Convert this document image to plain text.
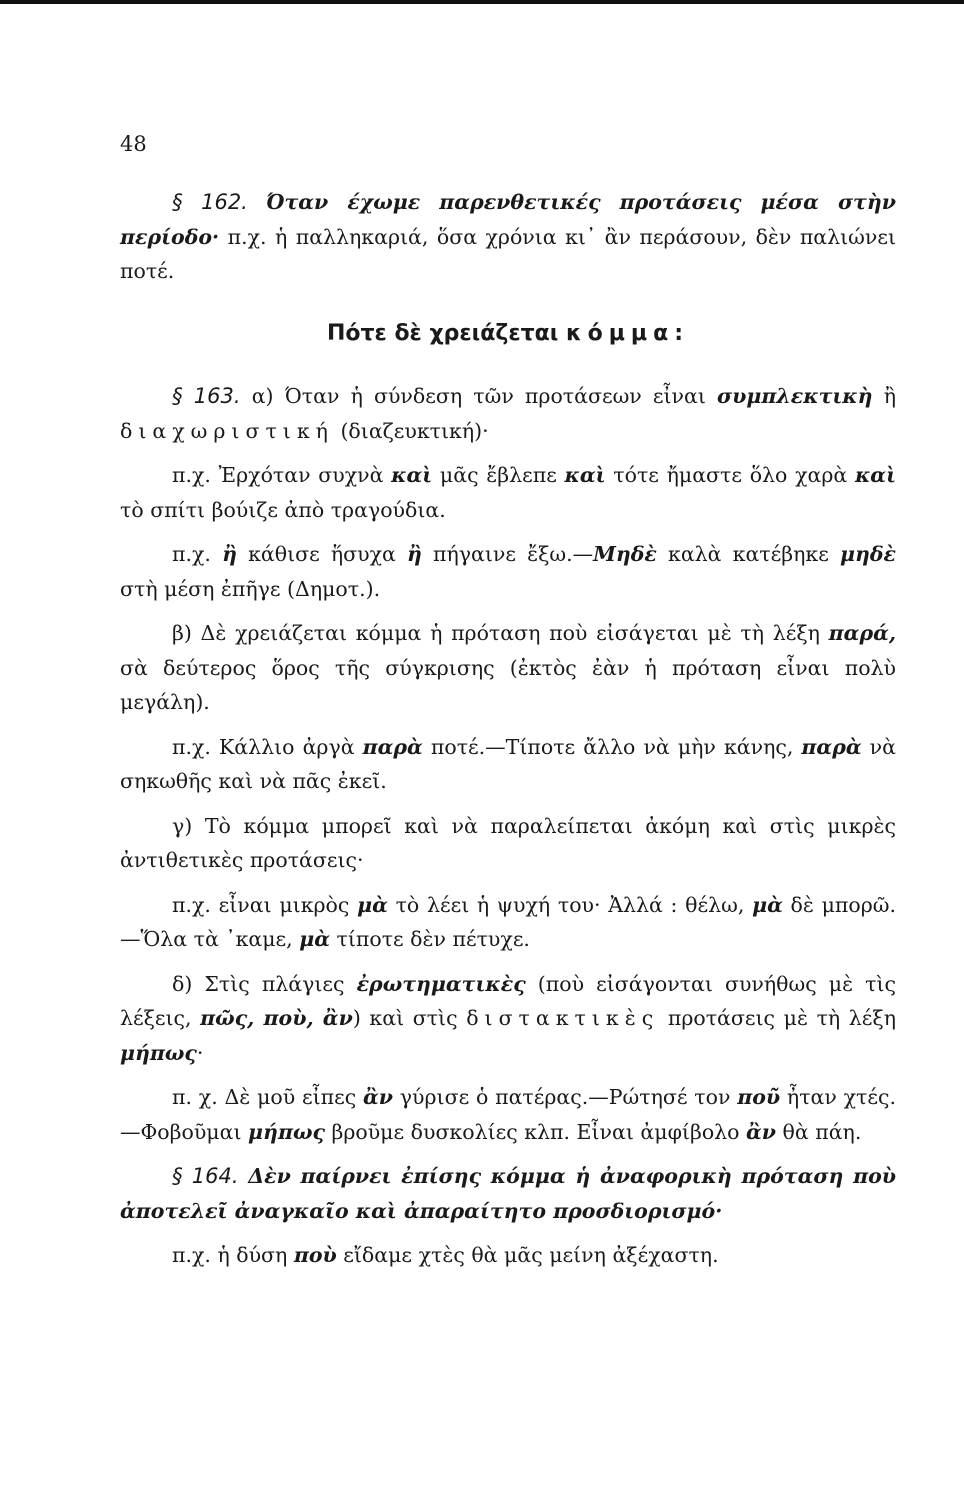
48

§ 162. Όταν έχωμε παρενθετικές προτάσεις μέσα στὴν περίοδο· π.χ. ἡ παλληκαριά, ὅσα χρόνια κι᾽ ἂν περάσουν, δὲν παλιώνει ποτέ.

Πότε δὲ χρειάζεται κόμμα:

§ 163. α) Όταν ἡ σύνδεση τῶν προτάσεων εἶναι συμπλεκτικὴ ἢ διαχωριστική (διαζευκτική)·

π.χ. Ἐρχόταν συχνὰ καὶ μᾶς ἔβλεπε καὶ τότε ἤμαστε ὅλο χαρὰ καὶ τὸ σπίτι βούιζε ἀπὸ τραγούδια.

π.χ. ἢ κάθισε ἥσυχα ἢ πήγαινε ἔξω.—Μηδὲ καλὰ κατέβηκε μηδὲ στὴ μέση ἐπῆγε (Δημοτ.).

β) Δὲ χρειάζεται κόμμα ἡ πρόταση ποὺ εἰσάγεται μὲ τὴ λέξη παρά, σὰ δεύτερος ὅρος τῆς σύγκρισης (ἐκτὸς ἐὰν ἡ πρόταση εἶναι πολὺ μεγάλη).

π.χ. Κάλλιο ἀργὰ παρὰ ποτέ.—Τίποτε ἄλλο νὰ μὴν κάνης, παρὰ νὰ σηκωθῆς καὶ νὰ πᾶς ἐκεῖ.

γ) Τὸ κόμμα μπορεῖ καὶ νὰ παραλείπεται ἀκόμη καὶ στὶς μικρὲς ἀντιθετικὲς προτάσεις·

π.χ. εἶναι μικρὸς μὰ τὸ λέει ἡ ψυχή του· Ἀλλά : θέλω, μὰ δὲ μπορῶ.—Ὅλα τὰ ᾽καμε, μὰ τίποτε δὲν πέτυχε.

δ) Στὶς πλάγιες ἐρωτηματικὲς (ποὺ εἰσάγονται συνήθως μὲ τὶς λέξεις, πῶς, ποὺ, ἂν) καὶ στὶς διστακτικὲς προτάσεις μὲ τὴ λέξη μήπως·

π. χ. Δὲ μοῦ εἶπες ἂν γύρισε ὁ πατέρας.—Ρώτησέ τον ποῦ ἦταν χτές.—Φοβοῦμαι μήπως βροῦμε δυσκολίες κλπ. Εἶναι ἀμφίβολο ἂν θὰ πάη.

§ 164. Δὲν παίρνει ἐπίσης κόμμα ἡ ἀναφορικὴ πρόταση ποὺ ἀποτελεῖ ἀναγκαῖο καὶ ἀπαραίτητο προσδιορισμό·

π.χ. ἡ δύση ποὺ εἴδαμε χτὲς θὰ μᾶς μείνη ἀξέχαστη.
